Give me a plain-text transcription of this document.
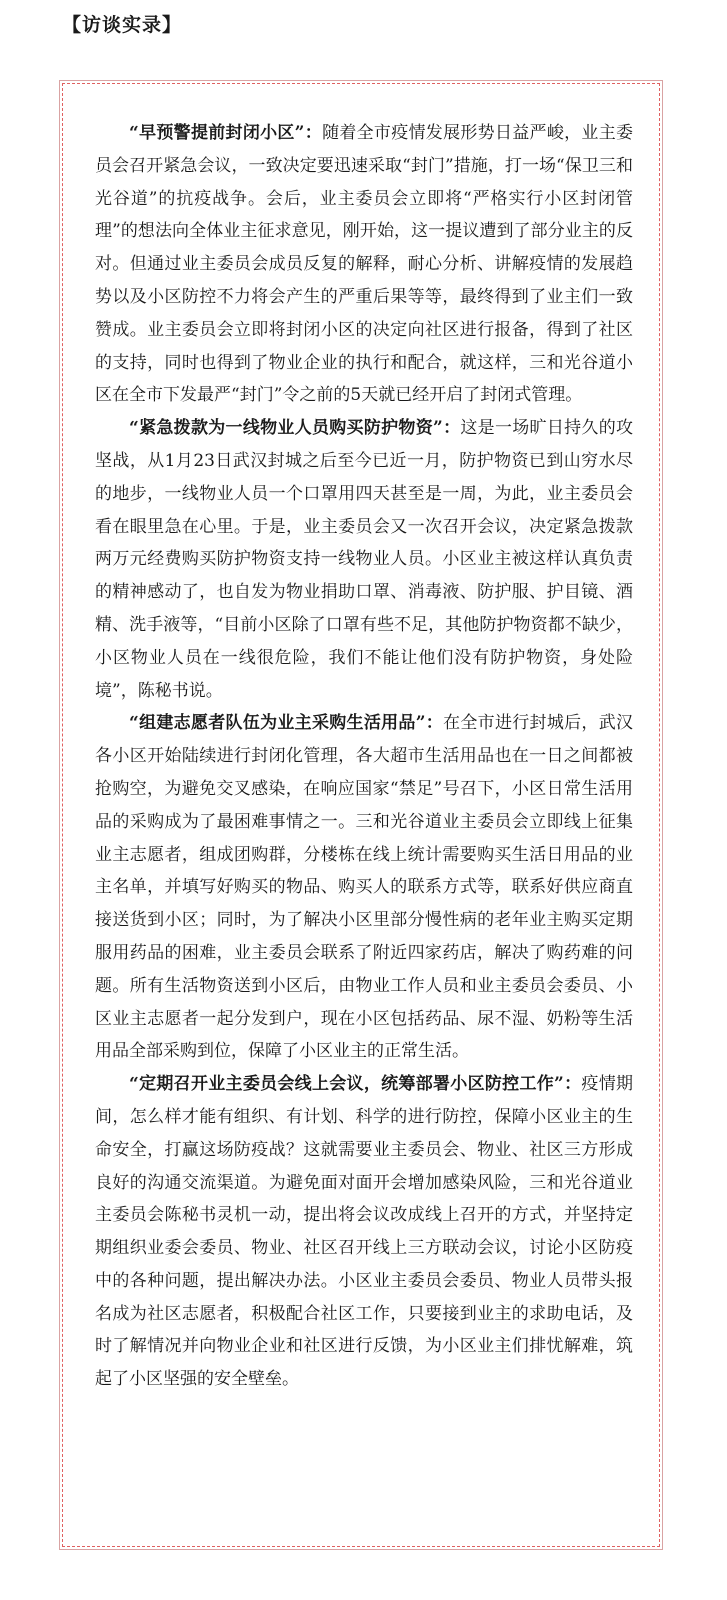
【访谈实录】

“早预警提前封闭小区”：随着全市疫情发展形势日益严峻，业主委员会召开紧急会议，一致决定要迅速采取“封门”措施，打一场“保卫三和光谷道”的抗疫战争。会后，业主委员会立即将“严格实行小区封闭管理”的想法向全体业主征求意见，刚开始，这一提议遭到了部分业主的反对。但通过业主委员会成员反复的解释，耐心分析、讲解疫情的发展趋势以及小区防控不力将会产生的严重后果等等，最终得到了业主们一致赞成。业主委员会立即将封闭小区的决定向社区进行报备，得到了社区的支持，同时也得到了物业企业的执行和配合，就这样，三和光谷道小区在全市下发最严“封门”令之前的5天就已经开启了封闭式管理。

“紧急拨款为一线物业人员购买防护物资”：这是一场旷日持久的攻坚战，从1月23日武汉封城之后至今已近一月，防护物资已到山穷水尽的地步，一线物业人员一个口罩用四天甚至是一周，为此，业主委员会看在眼里急在心里。于是，业主委员会又一次召开会议，决定紧急拨款两万元经费购买防护物资支持一线物业人员。小区业主被这样认真负责的精神感动了，也自发为物业捐助口罩、消毒液、防护服、护目镜、酒精、洗手液等，“目前小区除了口罩有些不足，其他防护物资都不缺少，小区物业人员在一线很危险，我们不能让他们没有防护物资，身处险境”，陈秘书说。

“组建志愿者队伍为业主采购生活用品”：在全市进行封城后，武汉各小区开始陆续进行封闭化管理，各大超市生活用品也在一日之间都被抢购空，为避免交叉感染，在响应国家“禁足”号召下，小区日常生活用品的采购成为了最困难事情之一。三和光谷道业主委员会立即线上征集业主志愿者，组成团购群，分楼栋在线上统计需要购买生活日用品的业主名单，并填写好购买的物品、购买人的联系方式等，联系好供应商直接送货到小区；同时，为了解决小区里部分慢性病的老年业主购买定期服用药品的困难，业主委员会联系了附近四家药店，解决了购药难的问题。所有生活物资送到小区后，由物业工作人员和业主委员会委员、小区业主志愿者一起分发到户，现在小区包括药品、尿不湿、奶粉等生活用品全部采购到位，保障了小区业主的正常生活。

“定期召开业主委员会线上会议，统筹部署小区防控工作”：疫情期间，怎么样才能有组织、有计划、科学的进行防控，保障小区业主的生命安全，打赢这场防疫战？这就需要业主委员会、物业、社区三方形成良好的沟通交流渠道。为避免面对面开会增加感染风险，三和光谷道业主委员会陈秘书灵机一动，提出将会议改成线上召开的方式，并坚持定期组织业委会委员、物业、社区召开线上三方联动会议，讨论小区防疫中的各种问题，提出解决办法。小区业主委员会委员、物业人员带头报名成为社区志愿者，积极配合社区工作，只要接到业主的求助电话，及时了解情况并向物业企业和社区进行反馈，为小区业主们排忧解难，筑起了小区坚强的安全壁垒。
